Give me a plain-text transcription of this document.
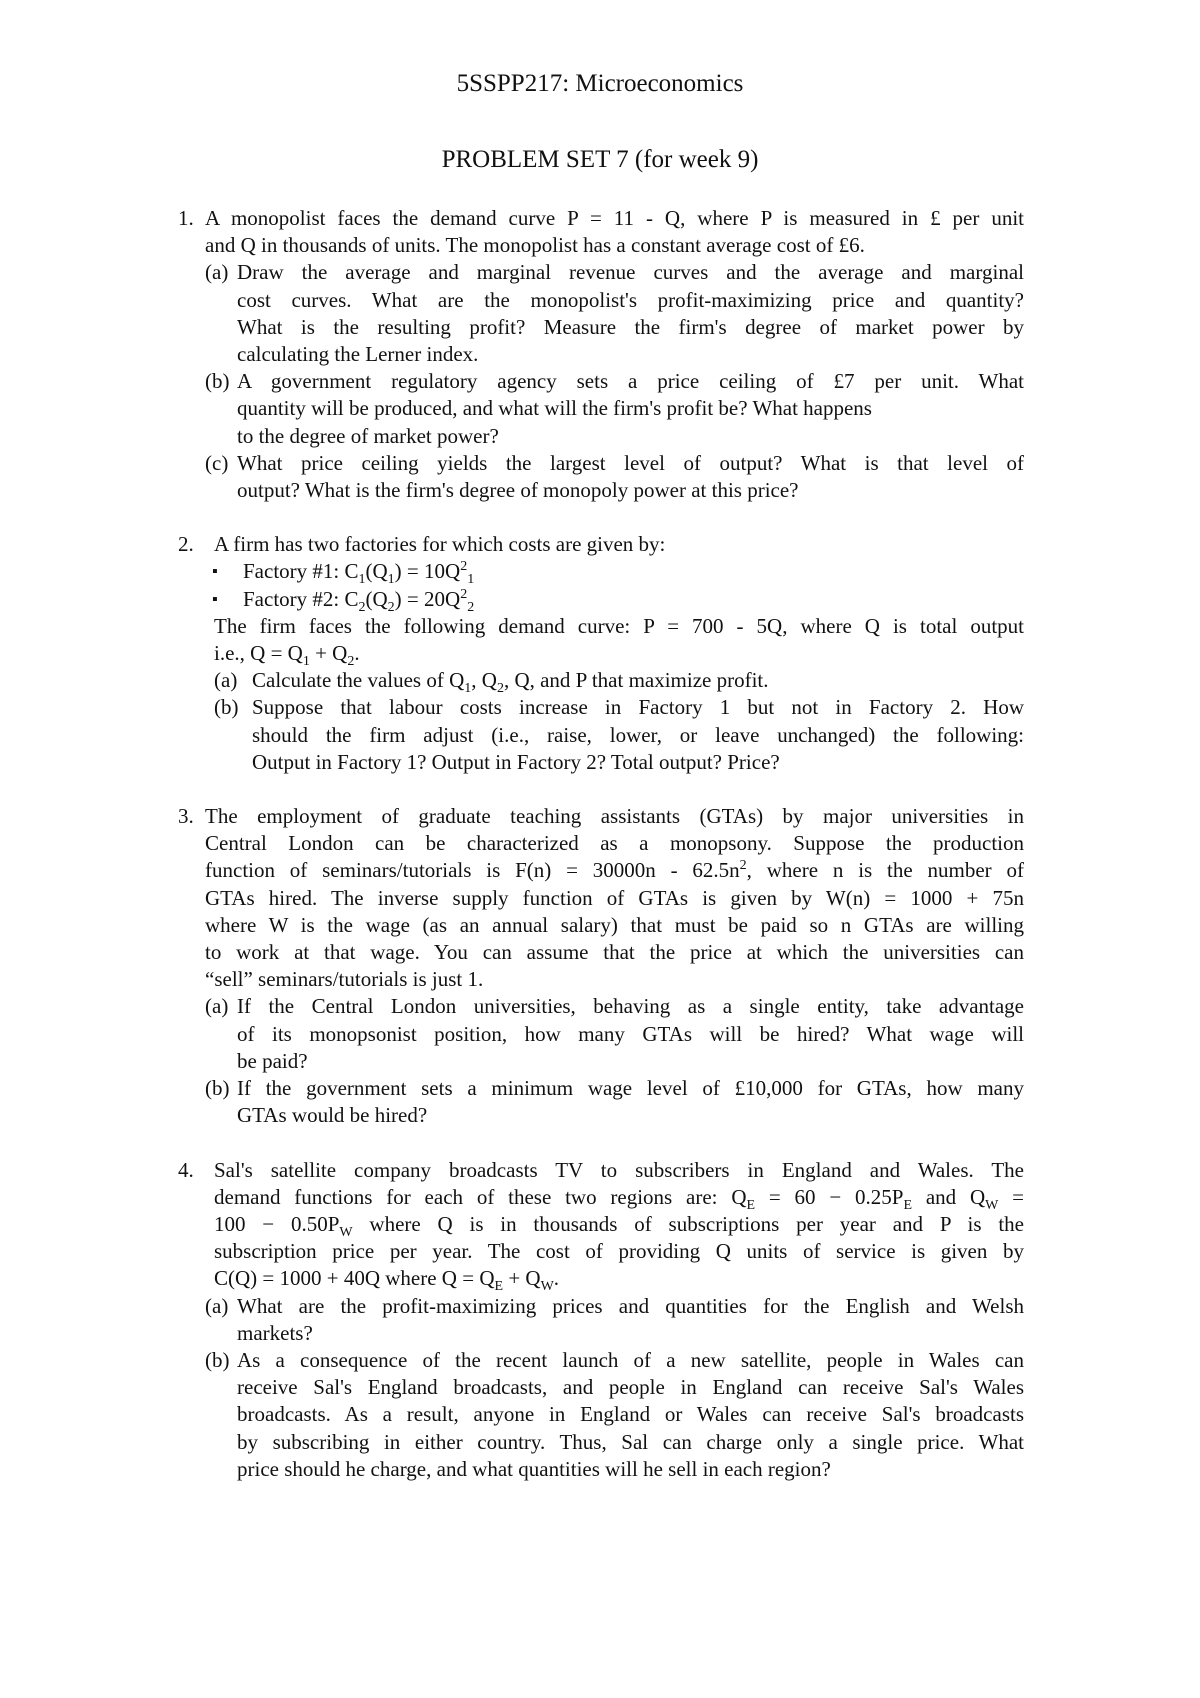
5SSPP217: Microeconomics
PROBLEM SET 7 (for week 9)
1. A monopolist faces the demand curve P = 11 - Q, where P is measured in £ per unit
and Q in thousands of units. The monopolist has a constant average cost of £6.
(a) Draw the average and marginal revenue curves and the average and marginal
cost curves. What are the monopolist's profit-maximizing price and quantity?
What is the resulting profit? Measure the firm's degree of market power by
calculating the Lerner index.
(b) A government regulatory agency sets a price ceiling of £7 per unit. What
quantity will be produced, and what will the firm's profit be? What happens
to the degree of market power?
(c) What price ceiling yields the largest level of output? What is that level of
output? What is the firm's degree of monopoly power at this price?
2. A firm has two factories for which costs are given by:
▪ Factory #1: $C_1(Q_1) = 10Q^2_1$
▪ Factory #2: $C_2(Q_2) = 20Q^2_2$
The firm faces the following demand curve: P = 700 - 5Q, where Q is total output
i.e., $Q = Q_1 + Q_2$.
(a) Calculate the values of $Q_1$, $Q_2$, Q, and P that maximize profit.
(b) Suppose that labour costs increase in Factory 1 but not in Factory 2. How
should the firm adjust (i.e., raise, lower, or leave unchanged) the following:
Output in Factory 1? Output in Factory 2? Total output? Price?
3. The employment of graduate teaching assistants (GTAs) by major universities in
Central London can be characterized as a monopsony. Suppose the production
function of seminars/tutorials is $F(n) = 30000n - 62.5n^2$, where n is the number of
GTAs hired. The inverse supply function of GTAs is given by W(n) = 1000 + 75n
where W is the wage (as an annual salary) that must be paid so n GTAs are willing
to work at that wage. You can assume that the price at which the universities can
“sell” seminars/tutorials is just 1.
(a) If the Central London universities, behaving as a single entity, take advantage
of its monopsonist position, how many GTAs will be hired? What wage will
be paid?
(b) If the government sets a minimum wage level of £10,000 for GTAs, how many
GTAs would be hired?
4. Sal's satellite company broadcasts TV to subscribers in England and Wales. The
demand functions for each of these two regions are: $Q_E = 60 - 0.25P_E$ and $Q_W$ =
$100 - 0.50P_W$ where Q is in thousands of subscriptions per year and P is the
subscription price per year. The cost of providing Q units of service is given by
C(Q) = 1000 + 40Q where $Q = Q_E + Q_W$.
(a) What are the profit-maximizing prices and quantities for the English and Welsh
markets?
(b) As a consequence of the recent launch of a new satellite, people in Wales can
receive Sal's England broadcasts, and people in England can receive Sal's Wales
broadcasts. As a result, anyone in England or Wales can receive Sal's broadcasts
by subscribing in either country. Thus, Sal can charge only a single price. What
price should he charge, and what quantities will he sell in each region?
